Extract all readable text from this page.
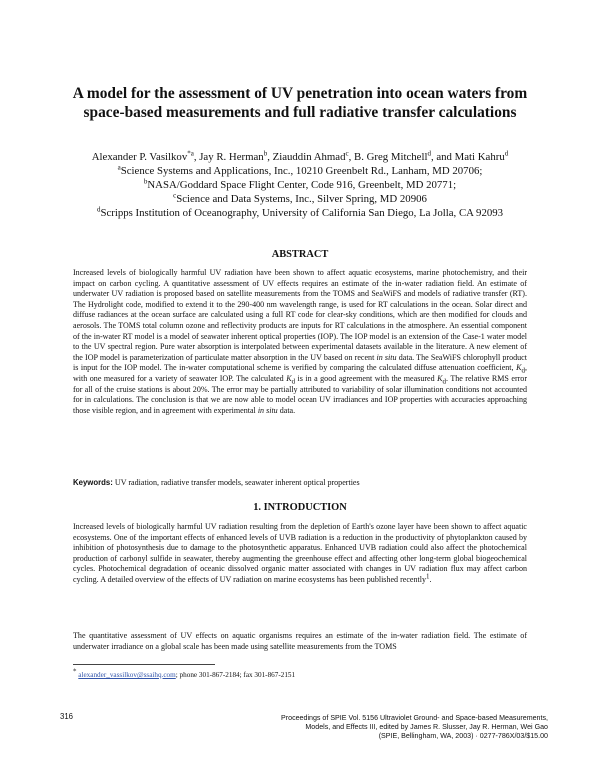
A model for the assessment of UV penetration into ocean waters from space-based measurements and full radiative transfer calculations
Alexander P. Vasilkov$^{*a}$, Jay R. Herman$^b$, Ziauddin Ahmad$^c$, B. Greg Mitchell$^d$, and Mati Kahru$^d$
$^a$Science Systems and Applications, Inc., 10210 Greenbelt Rd., Lanham, MD 20706;
$^b$NASA/Goddard Space Flight Center, Code 916, Greenbelt, MD 20771;
$^c$Science and Data Systems, Inc., Silver Spring, MD 20906
$^d$Scripps Institution of Oceanography, University of California San Diego, La Jolla, CA 92093
ABSTRACT
Increased levels of biologically harmful UV radiation have been shown to affect aquatic ecosystems, marine photochemistry, and their impact on carbon cycling. A quantitative assessment of UV effects requires an estimate of the in-water radiation field. An estimate of underwater UV radiation is proposed based on satellite measurements from the TOMS and SeaWiFS and models of radiative transfer (RT). The Hydrolight code, modified to extend it to the 290-400 nm wavelength range, is used for RT calculations in the ocean. Solar direct and diffuse radiances at the ocean surface are calculated using a full RT code for clear-sky conditions, which are then modified for clouds and aerosols. The TOMS total column ozone and reflectivity products are inputs for RT calculations in the atmosphere. An essential component of the in-water RT model is a model of seawater inherent optical properties (IOP). The IOP model is an extension of the Case-1 water model to the UV spectral region. Pure water absorption is interpolated between experimental datasets available in the literature. A new element of the IOP model is parameterization of particulate matter absorption in the UV based on recent in situ data. The SeaWiFS chlorophyll product is input for the IOP model. The in-water computational scheme is verified by comparing the calculated diffuse attenuation coefficient, $K_d$, with one measured for a variety of seawater IOP. The calculated $K_d$ is in a good agreement with the measured $K_d$. The relative RMS error for all of the cruise stations is about 20%. The error may be partially attributed to variability of solar illumination conditions not accounted for in calculations. The conclusion is that we are now able to model ocean UV irradiances and IOP properties with accuracies approaching those visible region, and in agreement with experimental in situ data.
Keywords: UV radiation, radiative transfer models, seawater inherent optical properties
1. INTRODUCTION
Increased levels of biologically harmful UV radiation resulting from the depletion of Earth's ozone layer have been shown to affect aquatic ecosystems. One of the important effects of enhanced levels of UVB radiation is a reduction in the productivity of phytoplankton caused by inhibition of photosynthesis due to damage to the photosynthetic apparatus. Enhanced UVB radiation could also affect the photochemical production of carbonyl sulfide in seawater, thereby augmenting the greenhouse effect and affecting other long-term global biogeochemical cycles. Photochemical degradation of oceanic dissolved organic matter associated with changes in UV radiation flux may affect carbon cycling. A detailed overview of the effects of UV radiation on marine ecosystems has been published recently$^1$.
The quantitative assessment of UV effects on aquatic organisms requires an estimate of the in-water radiation field. The estimate of underwater irradiance on a global scale has been made using satellite measurements from the TOMS
* alexander_vassilkov@ssaihq.com; phone 301-867-2184; fax 301-867-2151
316	Proceedings of SPIE Vol. 5156 Ultraviolet Ground- and Space-based Measurements,
Models, and Effects III, edited by James R. Slusser, Jay R. Herman, Wei Gao
(SPIE, Bellingham, WA, 2003) · 0277-786X/03/$15.00
